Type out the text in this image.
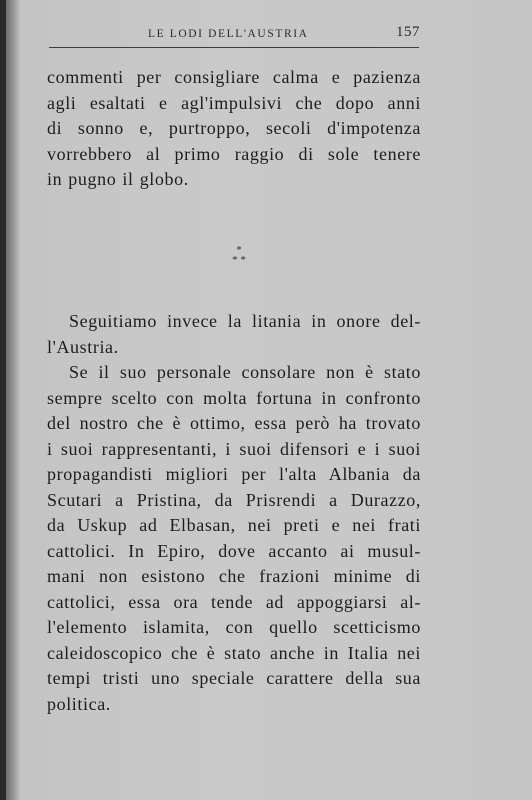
LE LODI DELL'AUSTRIA	157
commenti per consigliare calma e pazienza
agli esaltati e agl'impulsivi che dopo anni
di sonno e, purtroppo, secoli d'impotenza
vorrebbero al primo raggio di sole tenere
in pugno il globo.
*
* *
Seguitiamo invece la litania in onore del-
l'Austria.
Se il suo personale consolare non è stato
sempre scelto con molta fortuna in confronto
del nostro che è ottimo, essa però ha trovato
i suoi rappresentanti, i suoi difensori e i suoi
propagandisti migliori per l'alta Albania da
Scutari a Pristina, da Prisrendi a Durazzo,
da Uskup ad Elbasan, nei preti e nei frati
cattolici. In Epiro, dove accanto ai musul-
mani non esistono che frazioni minime di
cattolici, essa ora tende ad appoggiarsi al-
l'elemento islamita, con quello scetticismo
caleidoscopico che è stato anche in Italia nei
tempi tristi uno speciale carattere della sua
politica.
